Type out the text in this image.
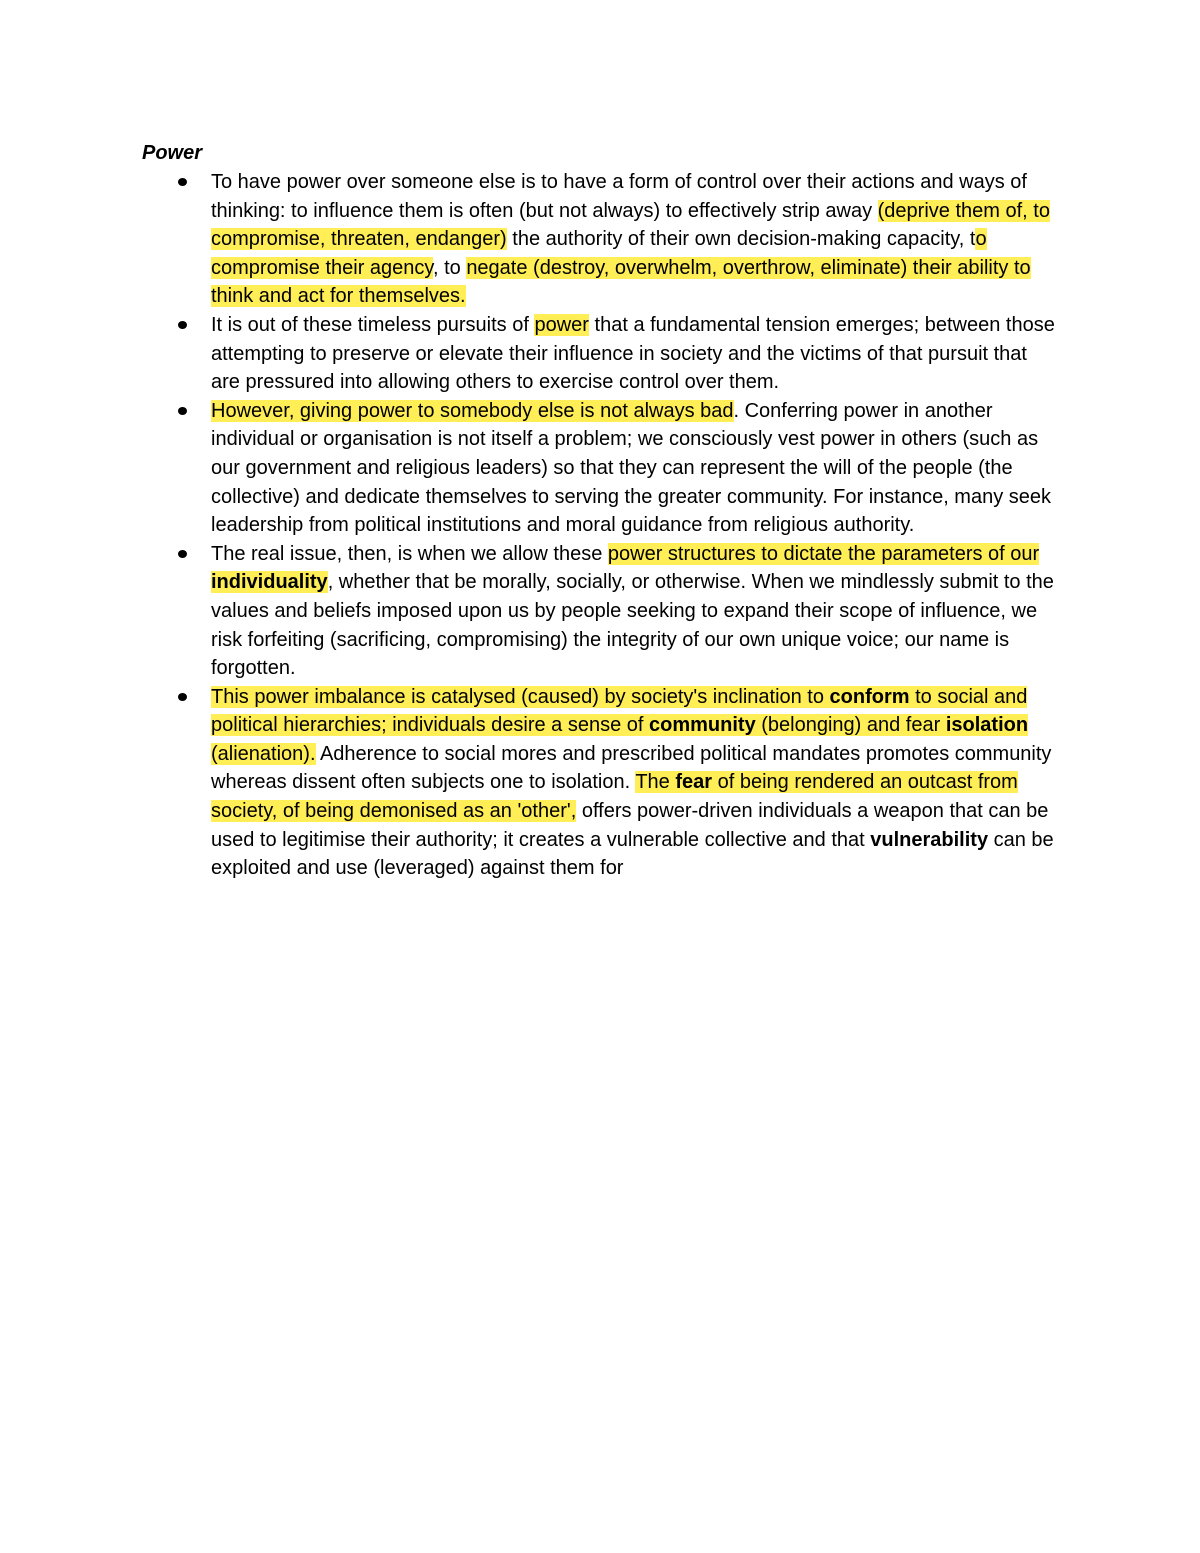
Power

To have power over someone else is to have a form of control over their actions and ways of thinking: to influence them is often (but not always) to effectively strip away (deprive them of, to compromise, threaten, endanger) the authority of their own decision-making capacity, to compromise their agency, to negate (destroy, overwhelm, overthrow, eliminate) their ability to think and act for themselves.
It is out of these timeless pursuits of power that a fundamental tension emerges; between those attempting to preserve or elevate their influence in society and the victims of that pursuit that are pressured into allowing others to exercise control over them.
However, giving power to somebody else is not always bad. Conferring power in another individual or organisation is not itself a problem; we consciously vest power in others (such as our government and religious leaders) so that they can represent the will of the people (the collective) and dedicate themselves to serving the greater community. For instance, many seek leadership from political institutions and moral guidance from religious authority.
The real issue, then, is when we allow these power structures to dictate the parameters of our individuality, whether that be morally, socially, or otherwise. When we mindlessly submit to the values and beliefs imposed upon us by people seeking to expand their scope of influence, we risk forfeiting (sacrificing, compromising) the integrity of our own unique voice; our name is forgotten.
This power imbalance is catalysed (caused) by society's inclination to conform to social and political hierarchies; individuals desire a sense of community (belonging) and fear isolation (alienation). Adherence to social mores and prescribed political mandates promotes community whereas dissent often subjects one to isolation. The fear of being rendered an outcast from society, of being demonised as an 'other', offers power-driven individuals a weapon that can be used to legitimise their authority; it creates a vulnerable collective and that vulnerability can be exploited and use (leveraged) against them for
